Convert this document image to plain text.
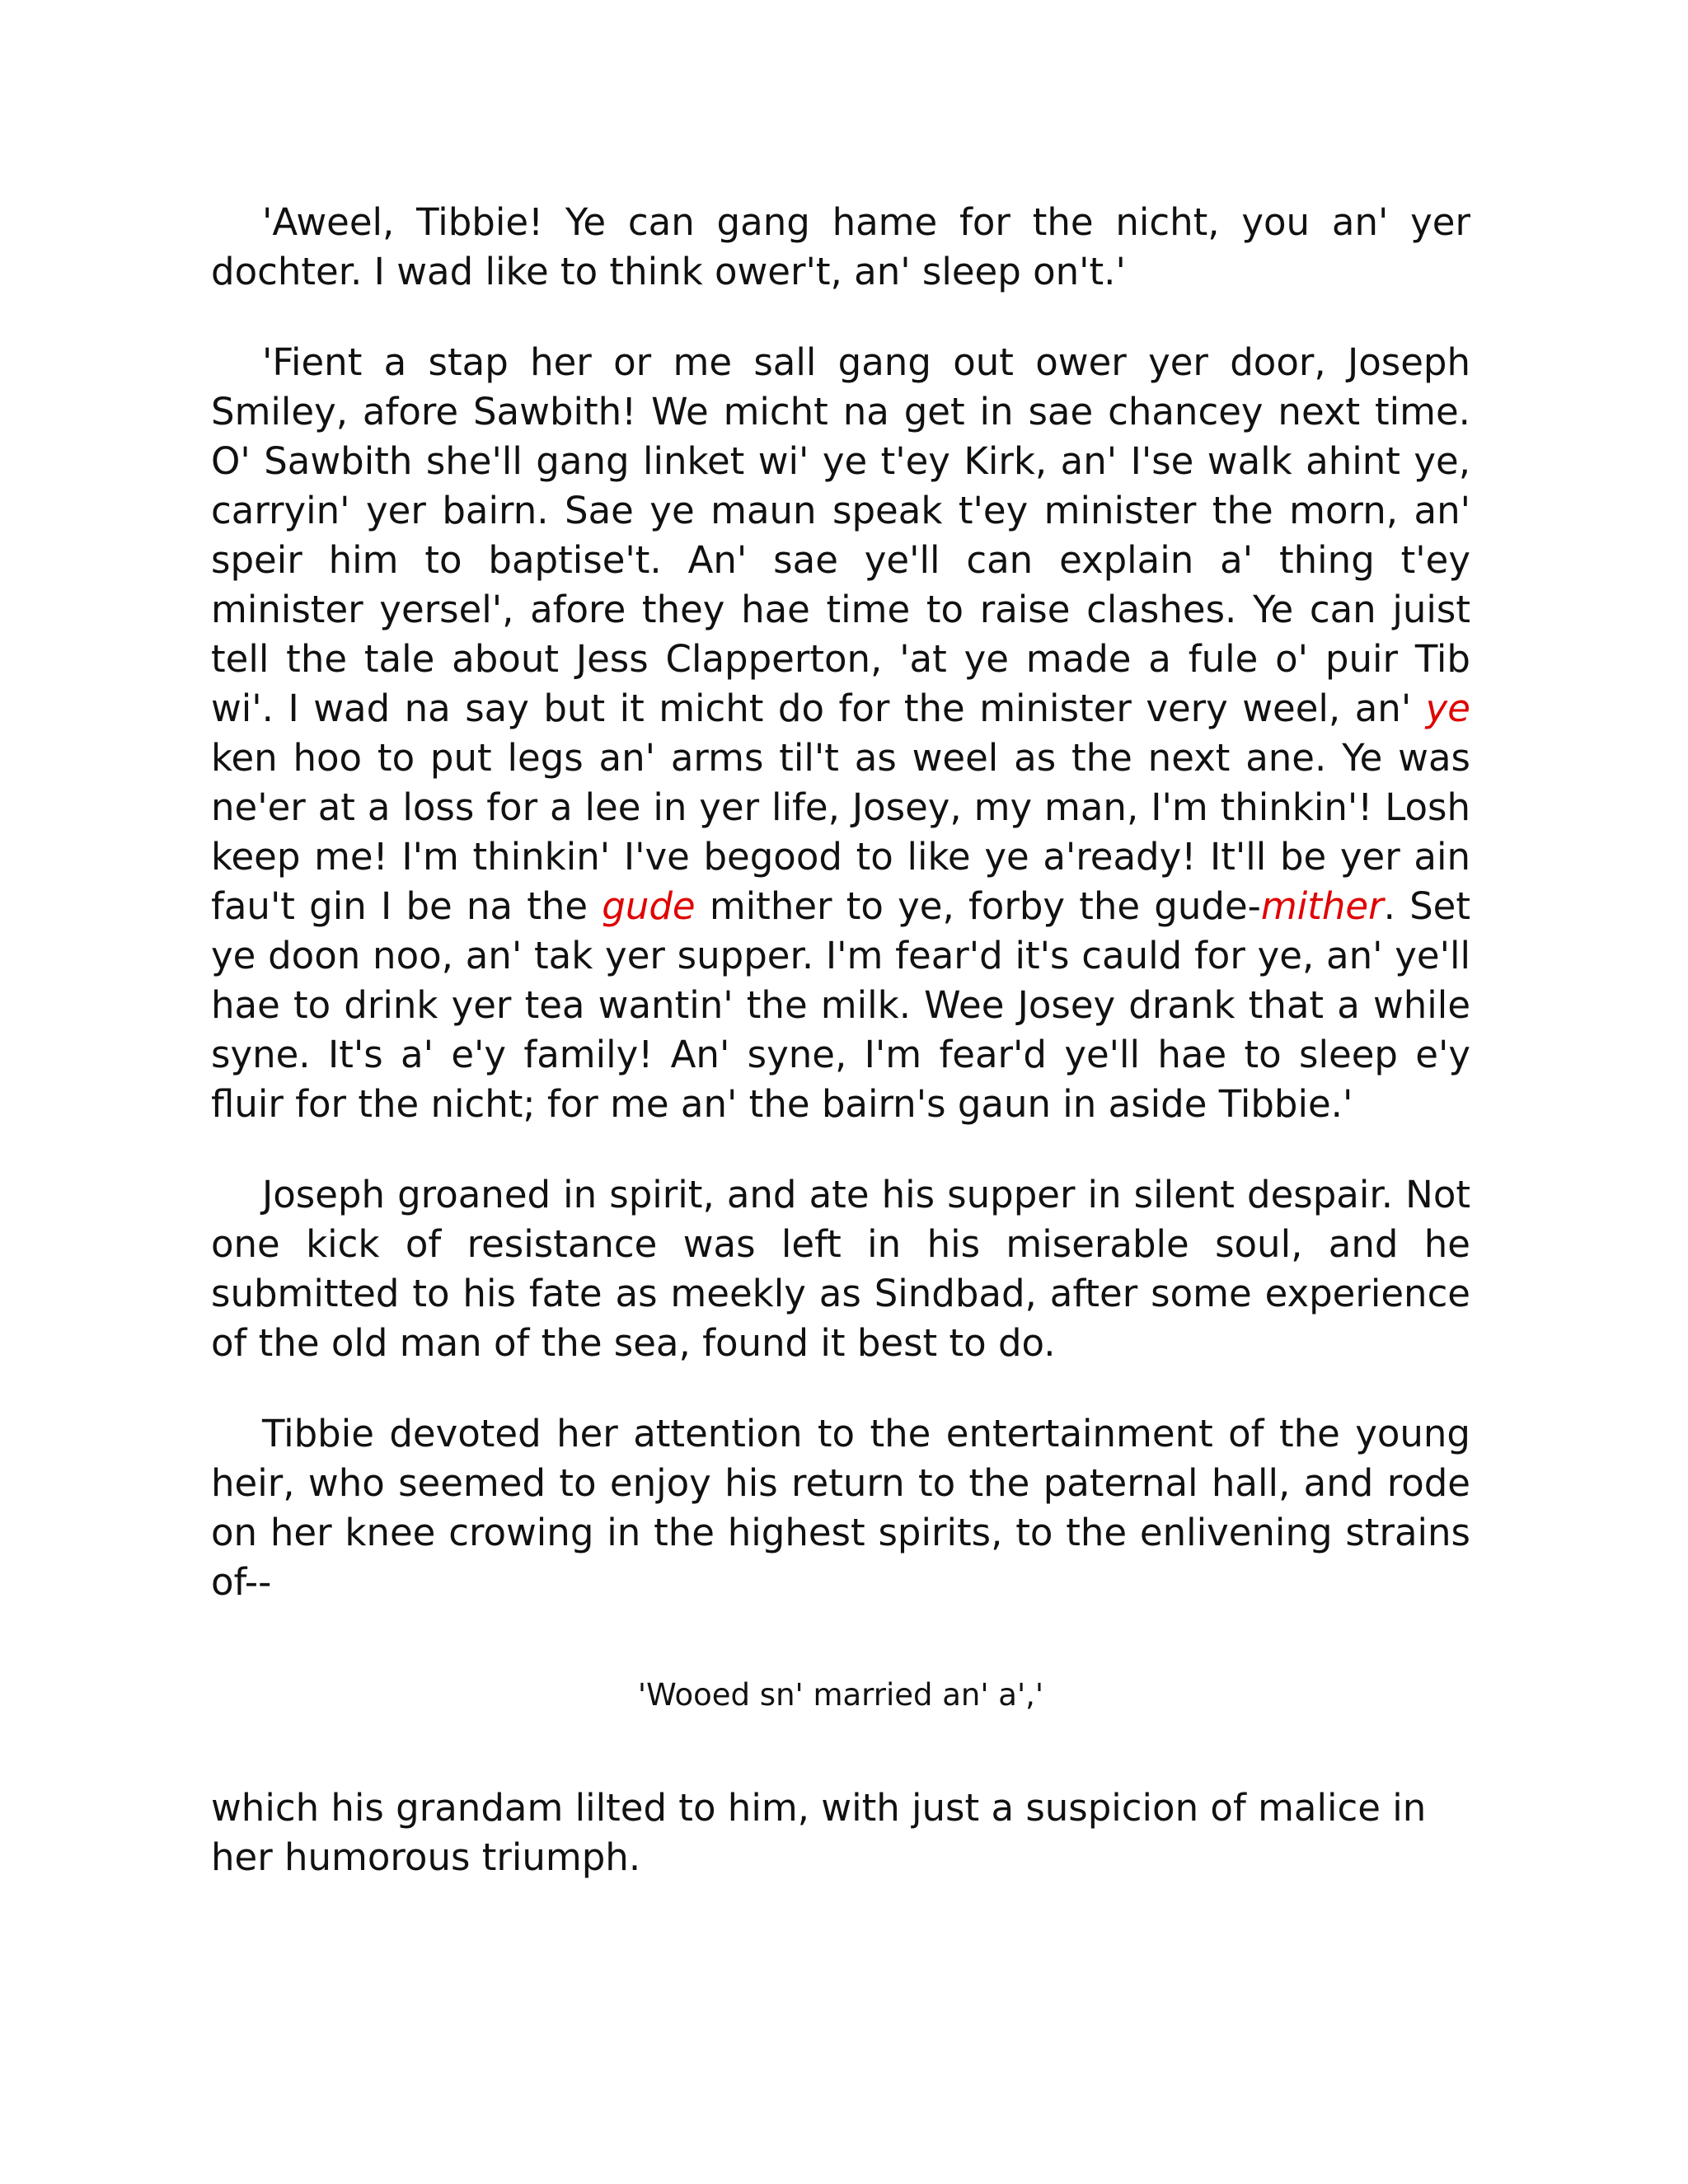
'Aweel, Tibbie! Ye can gang hame for the nicht, you an' yer dochter. I wad like to think ower't, an' sleep on't.'

'Fient a stap her or me sall gang out ower yer door, Joseph Smiley, afore Sawbith! We micht na get in sae chancey next time. O' Sawbith she'll gang linket wi' ye t'ey Kirk, an' I'se walk ahint ye, carryin' yer bairn. Sae ye maun speak t'ey minister the morn, an' speir him to baptise't. An' sae ye'll can explain a' thing t'ey minister yersel', afore they hae time to raise clashes. Ye can juist tell the tale about Jess Clapperton, 'at ye made a fule o' puir Tib wi'. I wad na say but it micht do for the minister very weel, an' ye ken hoo to put legs an' arms til't as weel as the next ane. Ye was ne'er at a loss for a lee in yer life, Josey, my man, I'm thinkin'! Losh keep me! I'm thinkin' I've begood to like ye a'ready! It'll be yer ain fau't gin I be na the gude mither to ye, forby the gude-mither. Set ye doon noo, an' tak yer supper. I'm fear'd it's cauld for ye, an' ye'll hae to drink yer tea wantin' the milk. Wee Josey drank that a while syne. It's a' e'y family! An' syne, I'm fear'd ye'll hae to sleep e'y fluir for the nicht; for me an' the bairn's gaun in aside Tibbie.'

Joseph groaned in spirit, and ate his supper in silent despair. Not one kick of resistance was left in his miserable soul, and he submitted to his fate as meekly as Sindbad, after some experience of the old man of the sea, found it best to do.

Tibbie devoted her attention to the entertainment of the young heir, who seemed to enjoy his return to the paternal hall, and rode on her knee crowing in the highest spirits, to the enlivening strains of--

'Wooed sn' married an' a','

which his grandam lilted to him, with just a suspicion of malice in her humorous triumph.
